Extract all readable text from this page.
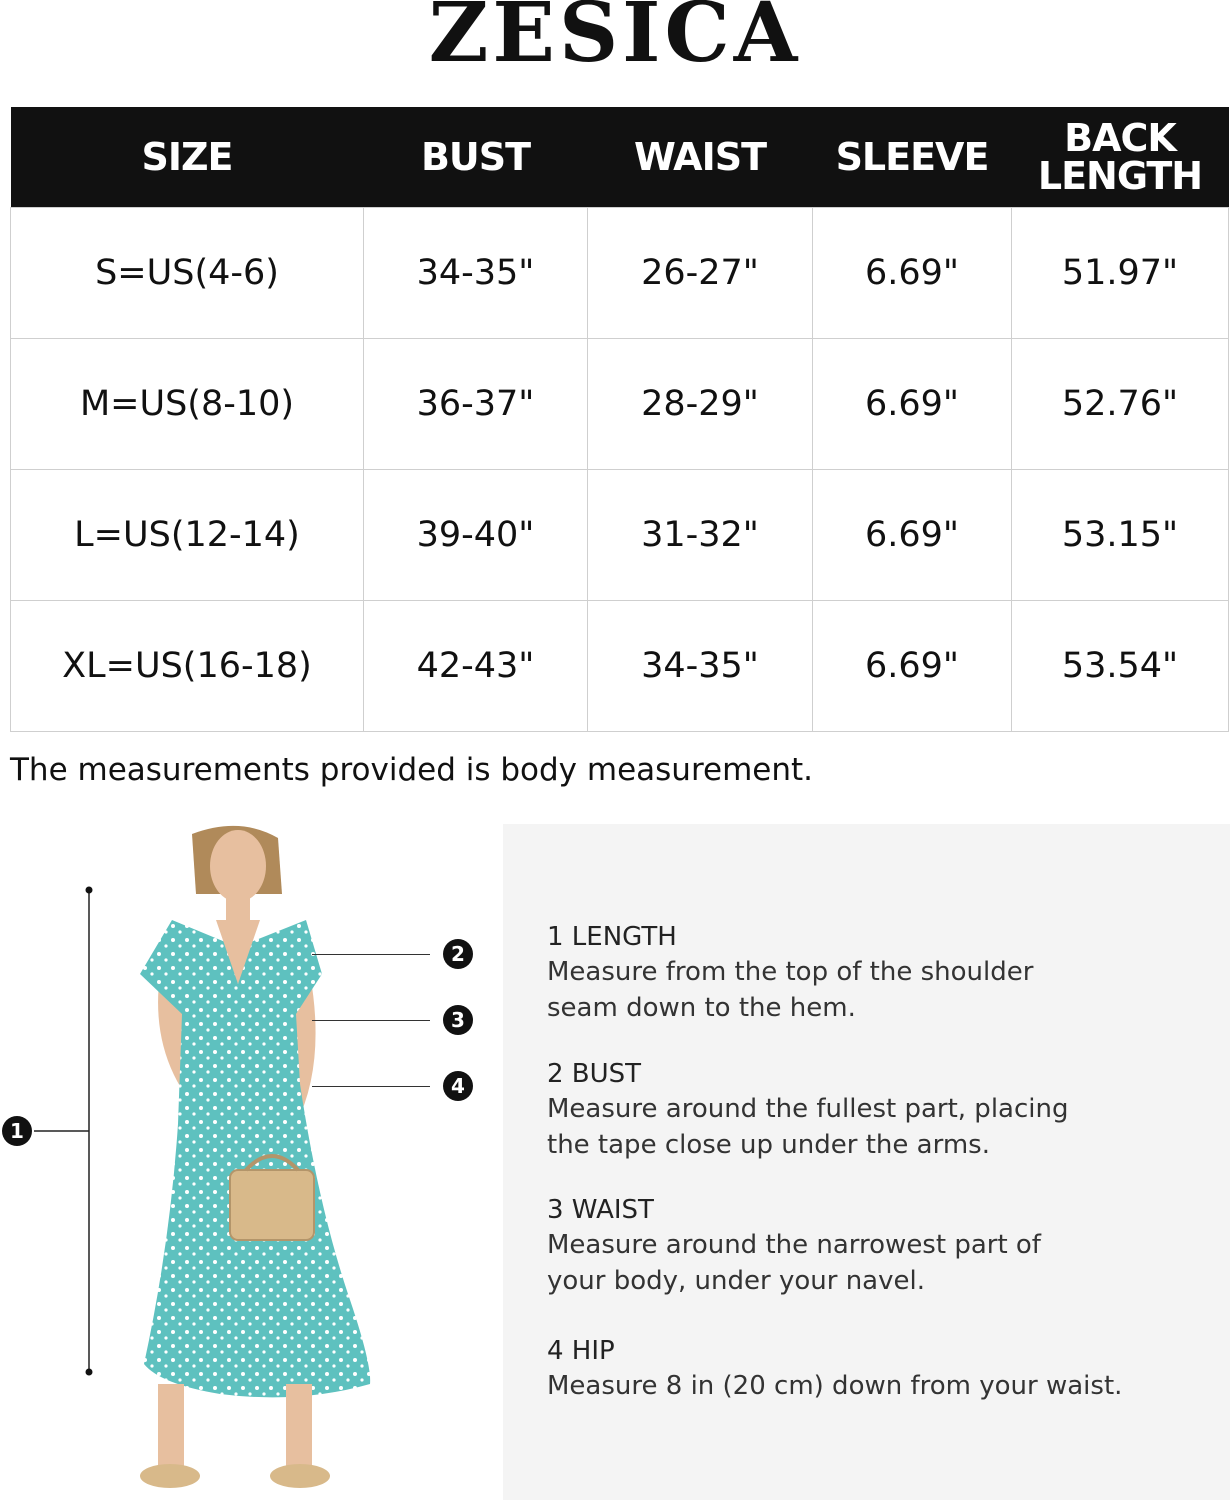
ZESICA
SIZE	BUST	WAIST	SLEEVE	BACK
LENGTH
S=US(4-6)	34-35"	26-27"	6.69"	51.97"
M=US(8-10)	36-37"	28-29"	6.69"	52.76"
L=US(12-14)	39-40"	31-32"	6.69"	53.15"
XL=US(16-18)	42-43"	34-35"	6.69"	53.54"
The measurements provided is body measurement.
1
2
3
4
1 LENGTH
Measure from the top of the shoulder
seam down to the hem.
2 BUST
Measure around the fullest part, placing
the tape close up under the arms.
3 WAIST
Measure around the narrowest part of
your body, under your navel.
4 HIP
Measure 8 in (20 cm) down from your waist.
